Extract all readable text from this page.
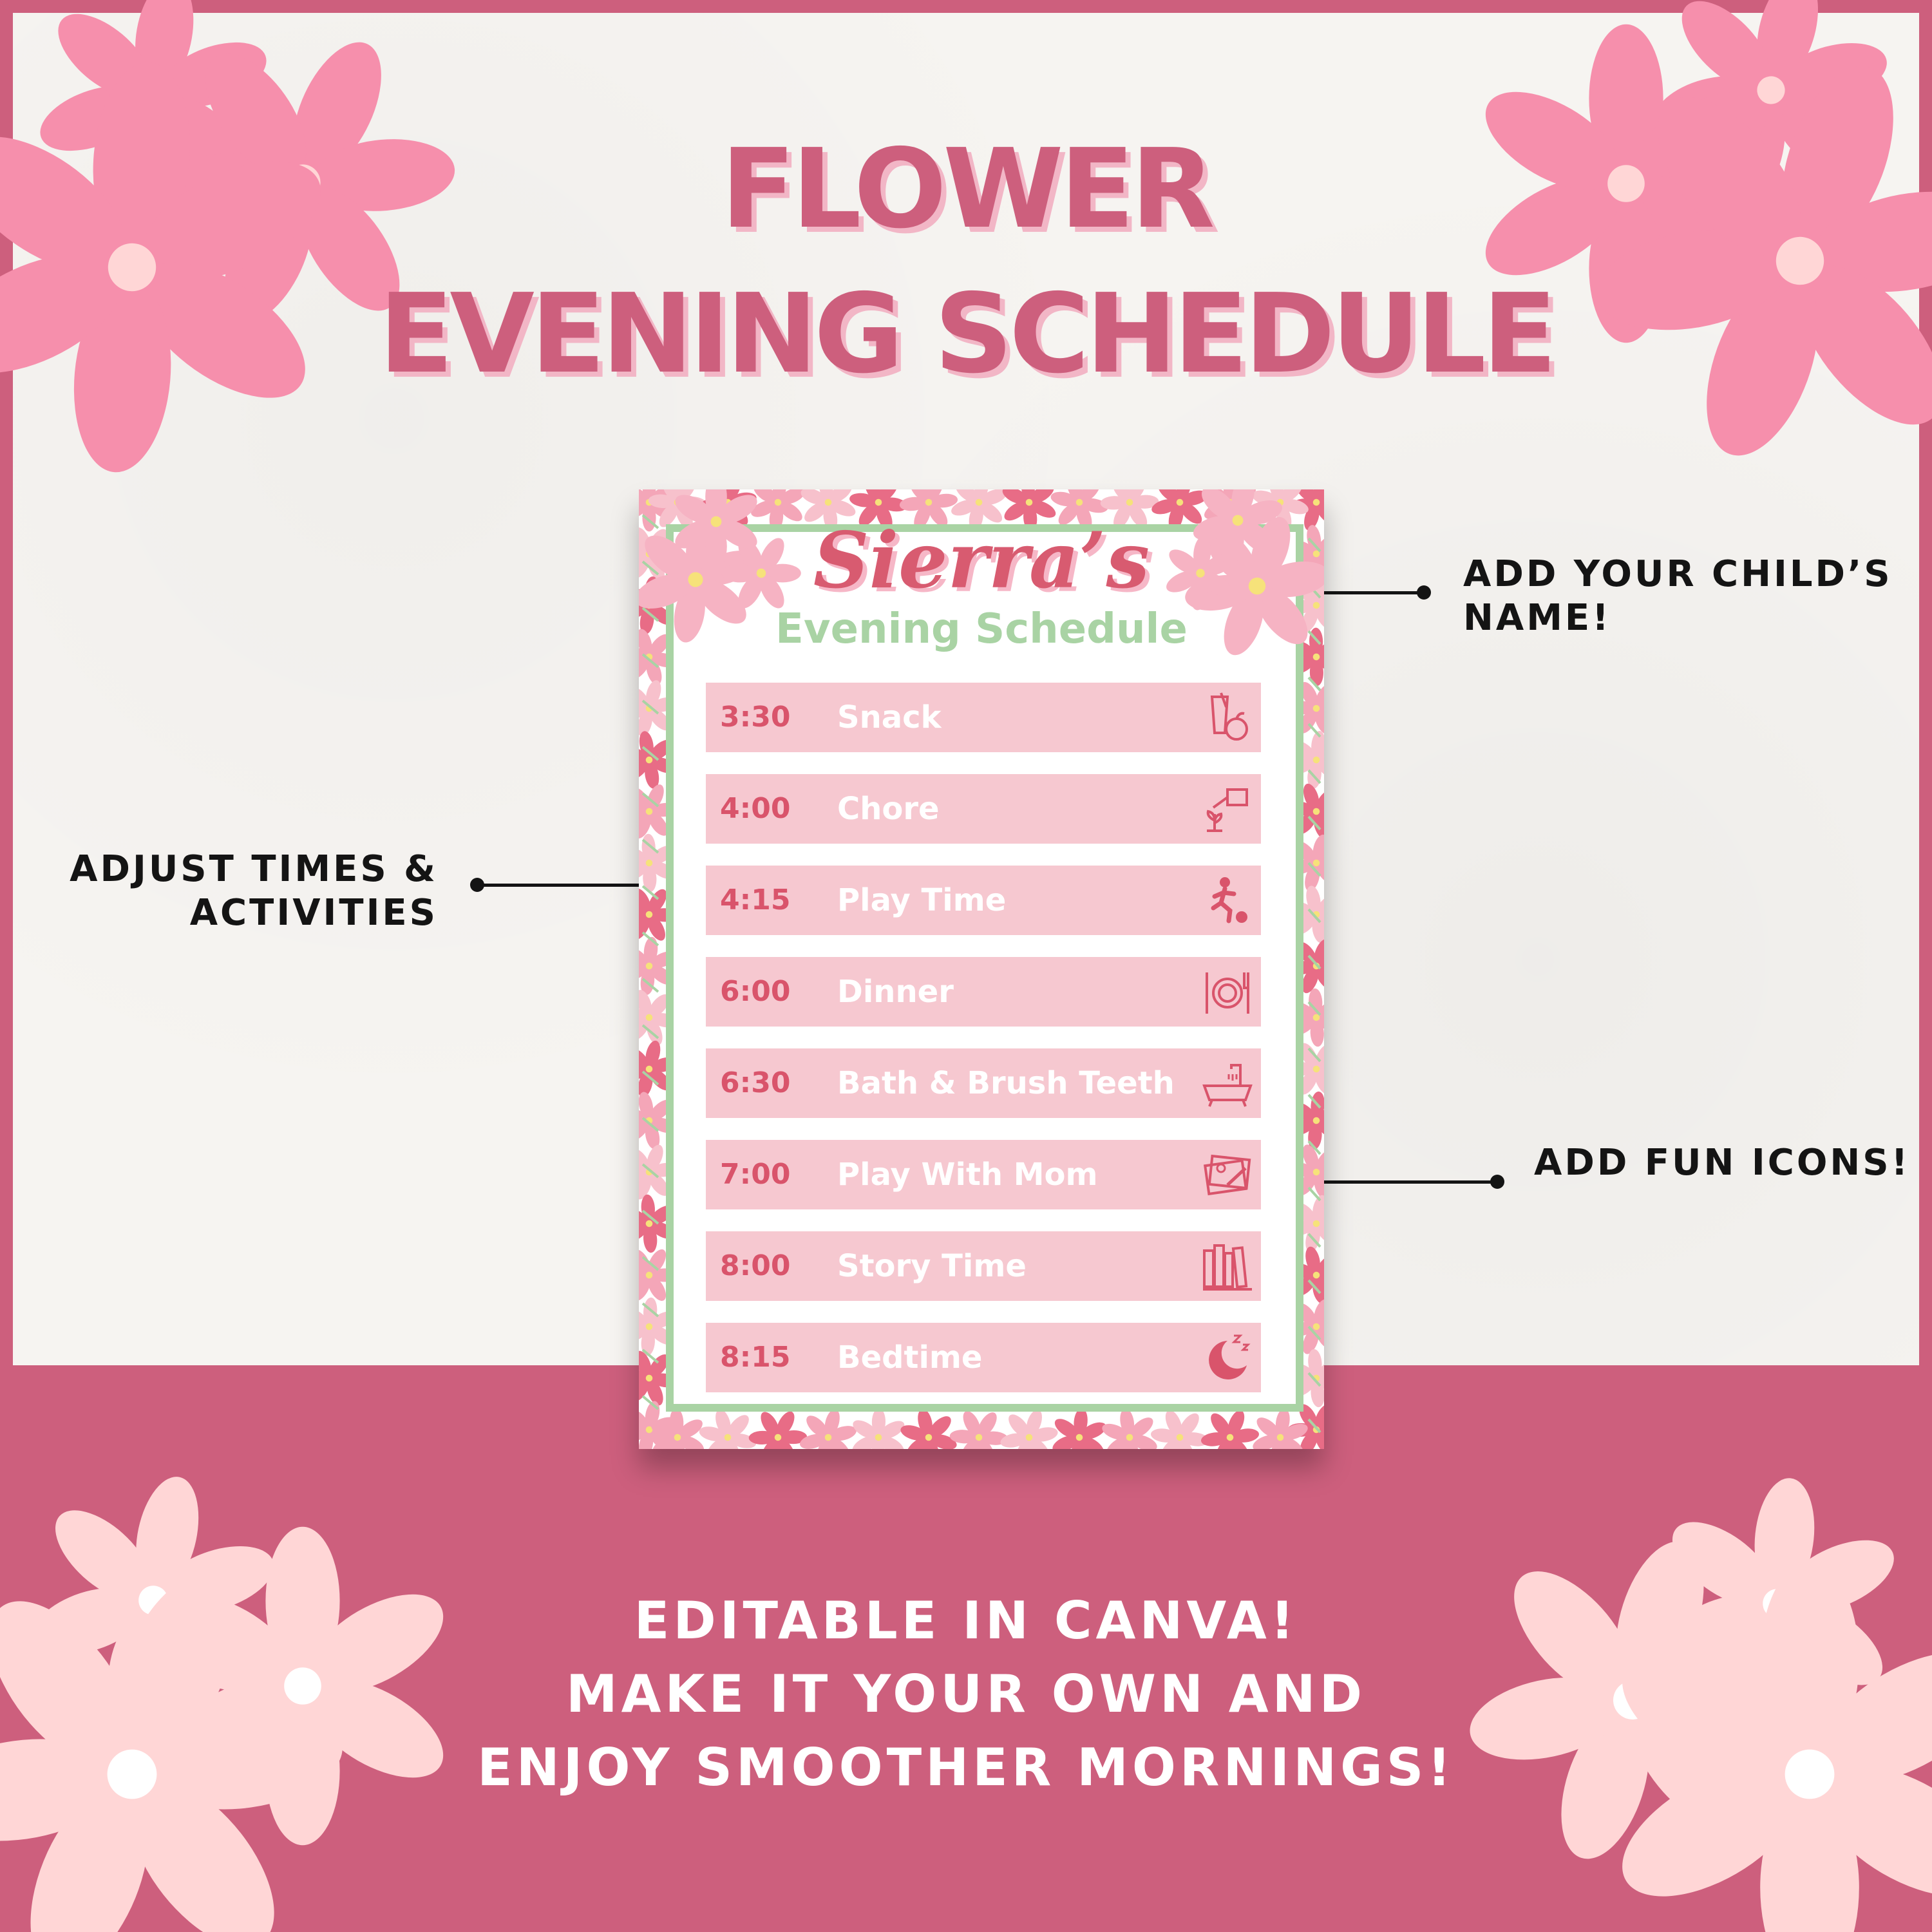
FLOWER
EVENING SCHEDULE
ADD YOUR CHILD’S
NAME!
ADJUST TIMES &
ACTIVITIES
ADD FUN ICONS!
Sierra’s
Evening Schedule
3:30 Snack
4:00 Chore
4:15 Play Time
6:00 Dinner
6:30 Bath & Brush Teeth
7:00 Play With Mom
8:00 Story Time
8:15 Bedtime
EDITABLE IN CANVA!
MAKE IT YOUR OWN AND
ENJOY SMOOTHER MORNINGS!
